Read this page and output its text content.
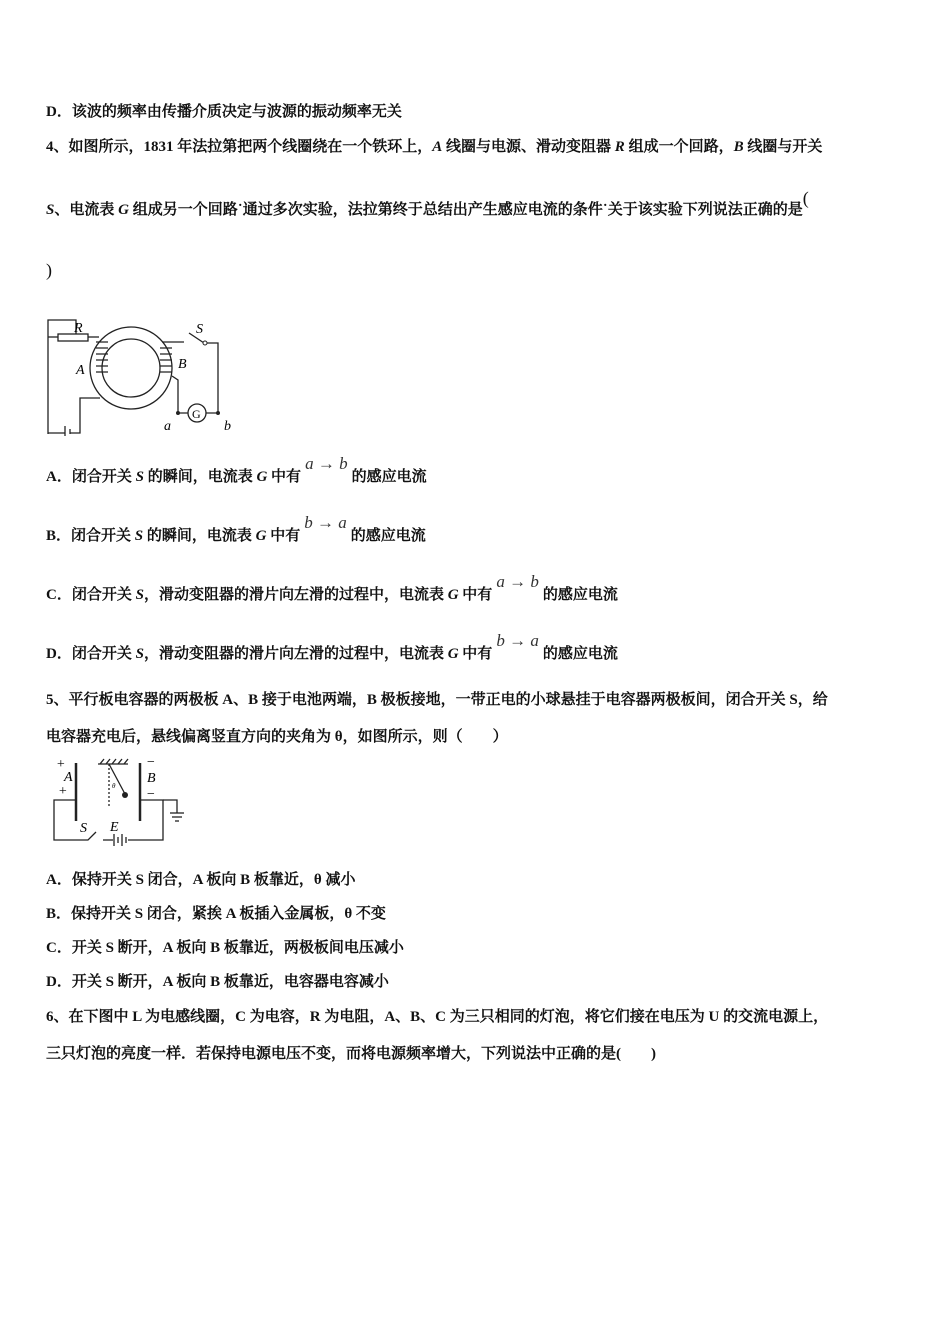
D．该波的频率由传播介质决定与波源的振动频率无关
4、如图所示，1831 年法拉第把两个线圈绕在一个铁环上，A 线圈与电源、滑动变阻器 R 组成一个回路，B 线圈与开关
S、电流表 G 组成另一个回路˙通过多次实验，法拉第终于总结出产生感应电流的条件˙关于该实验下列说法正确的是(
)
R	S
A	B
G
a	b
A．闭合开关 S 的瞬间，电流表 G 中有a → b的感应电流
B．闭合开关 S 的瞬间，电流表 G 中有b → a的感应电流
C．闭合开关 S，滑动变阻器的滑片向左滑的过程中，电流表 G 中有a → b的感应电流
D．闭合开关 S，滑动变阻器的滑片向左滑的过程中，电流表 G 中有b → a的感应电流
5、平行板电容器的两极板 A、B 接于电池两端，B 极板接地，一带正电的小球悬挂于电容器两极板间，闭合开关 S，给
电容器充电后，悬线偏离竖直方向的夹角为 θ，如图所示，则（　　）
+
A
+
−
B
−
θ
S E
A．保持开关 S 闭合，A 板向 B 板靠近，θ 减小
B．保持开关 S 闭合，紧挨 A 板插入金属板，θ 不变
C．开关 S 断开，A 板向 B 板靠近，两极板间电压减小
D．开关 S 断开，A 板向 B 板靠近，电容器电容减小
6、在下图中 L 为电感线圈，C 为电容，R 为电阻，A、B、C 为三只相同的灯泡，将它们接在电压为 U 的交流电源上，
三只灯泡的亮度一样．若保持电源电压不变，而将电源频率增大，下列说法中正确的是(　　)
